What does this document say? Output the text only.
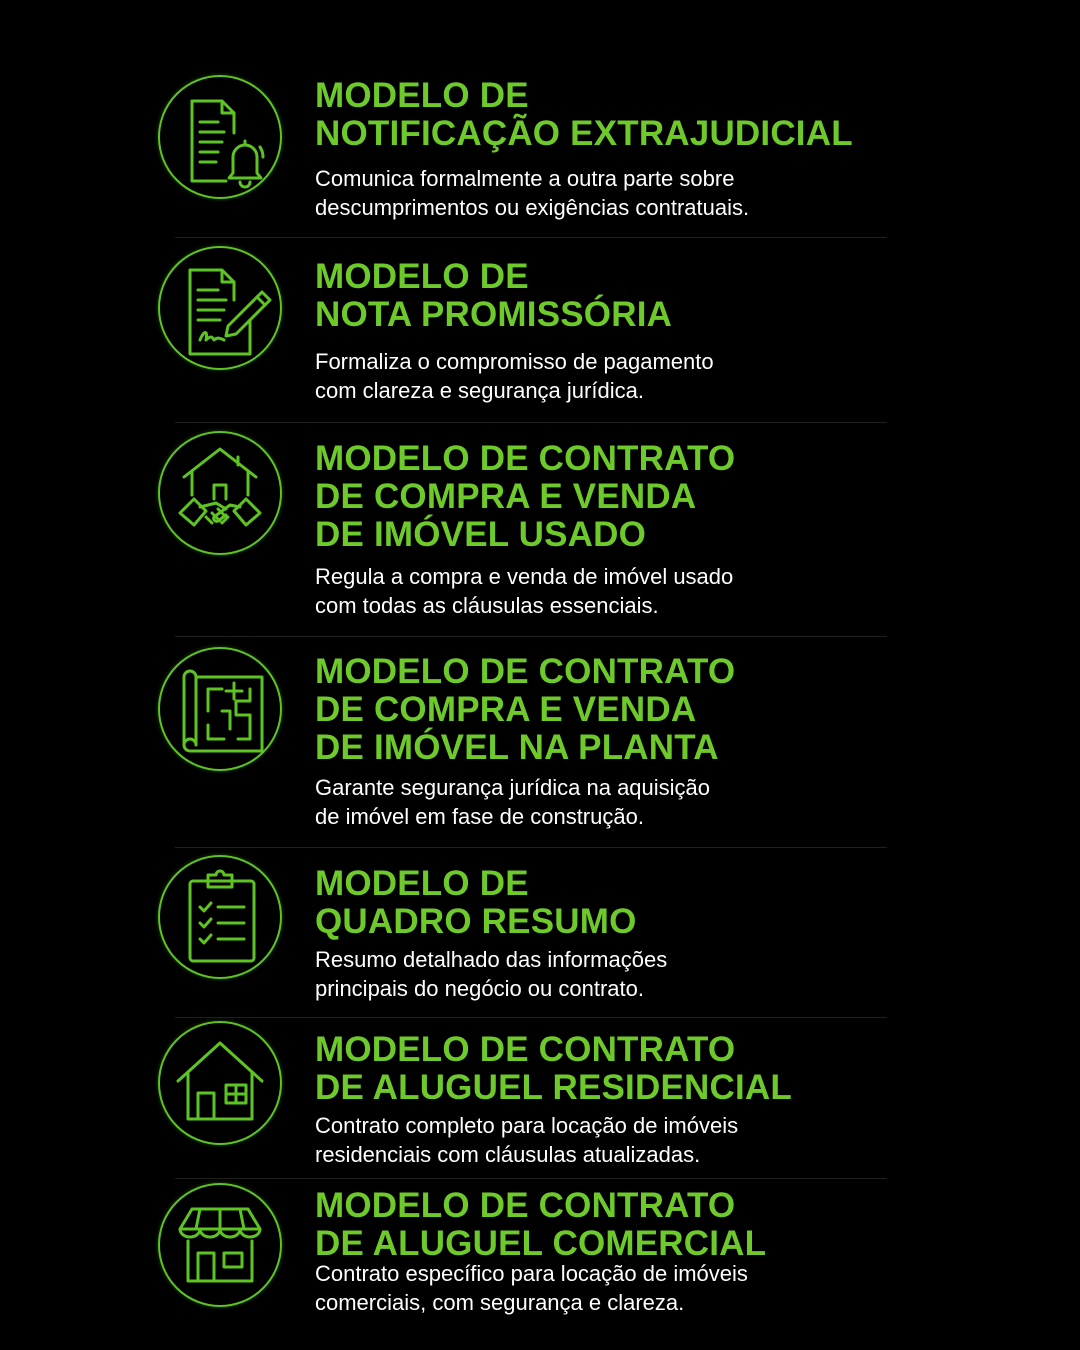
MODELO DE
NOTIFICAÇÃO EXTRAJUDICIAL

Comunica formalmente a outra parte sobre
descumprimentos ou exigências contratuais.

MODELO DE
NOTA PROMISSÓRIA

Formaliza o compromisso de pagamento
com clareza e segurança jurídica.

MODELO DE CONTRATO
DE COMPRA E VENDA
DE IMÓVEL USADO

Regula a compra e venda de imóvel usado
com todas as cláusulas essenciais.

MODELO DE CONTRATO
DE COMPRA E VENDA
DE IMÓVEL NA PLANTA

Garante segurança jurídica na aquisição
de imóvel em fase de construção.

MODELO DE
QUADRO RESUMO

Resumo detalhado das informações
principais do negócio ou contrato.

MODELO DE CONTRATO
DE ALUGUEL RESIDENCIAL

Contrato completo para locação de imóveis
residenciais com cláusulas atualizadas.

MODELO DE CONTRATO
DE ALUGUEL COMERCIAL

Contrato específico para locação de imóveis
comerciais, com segurança e clareza.
